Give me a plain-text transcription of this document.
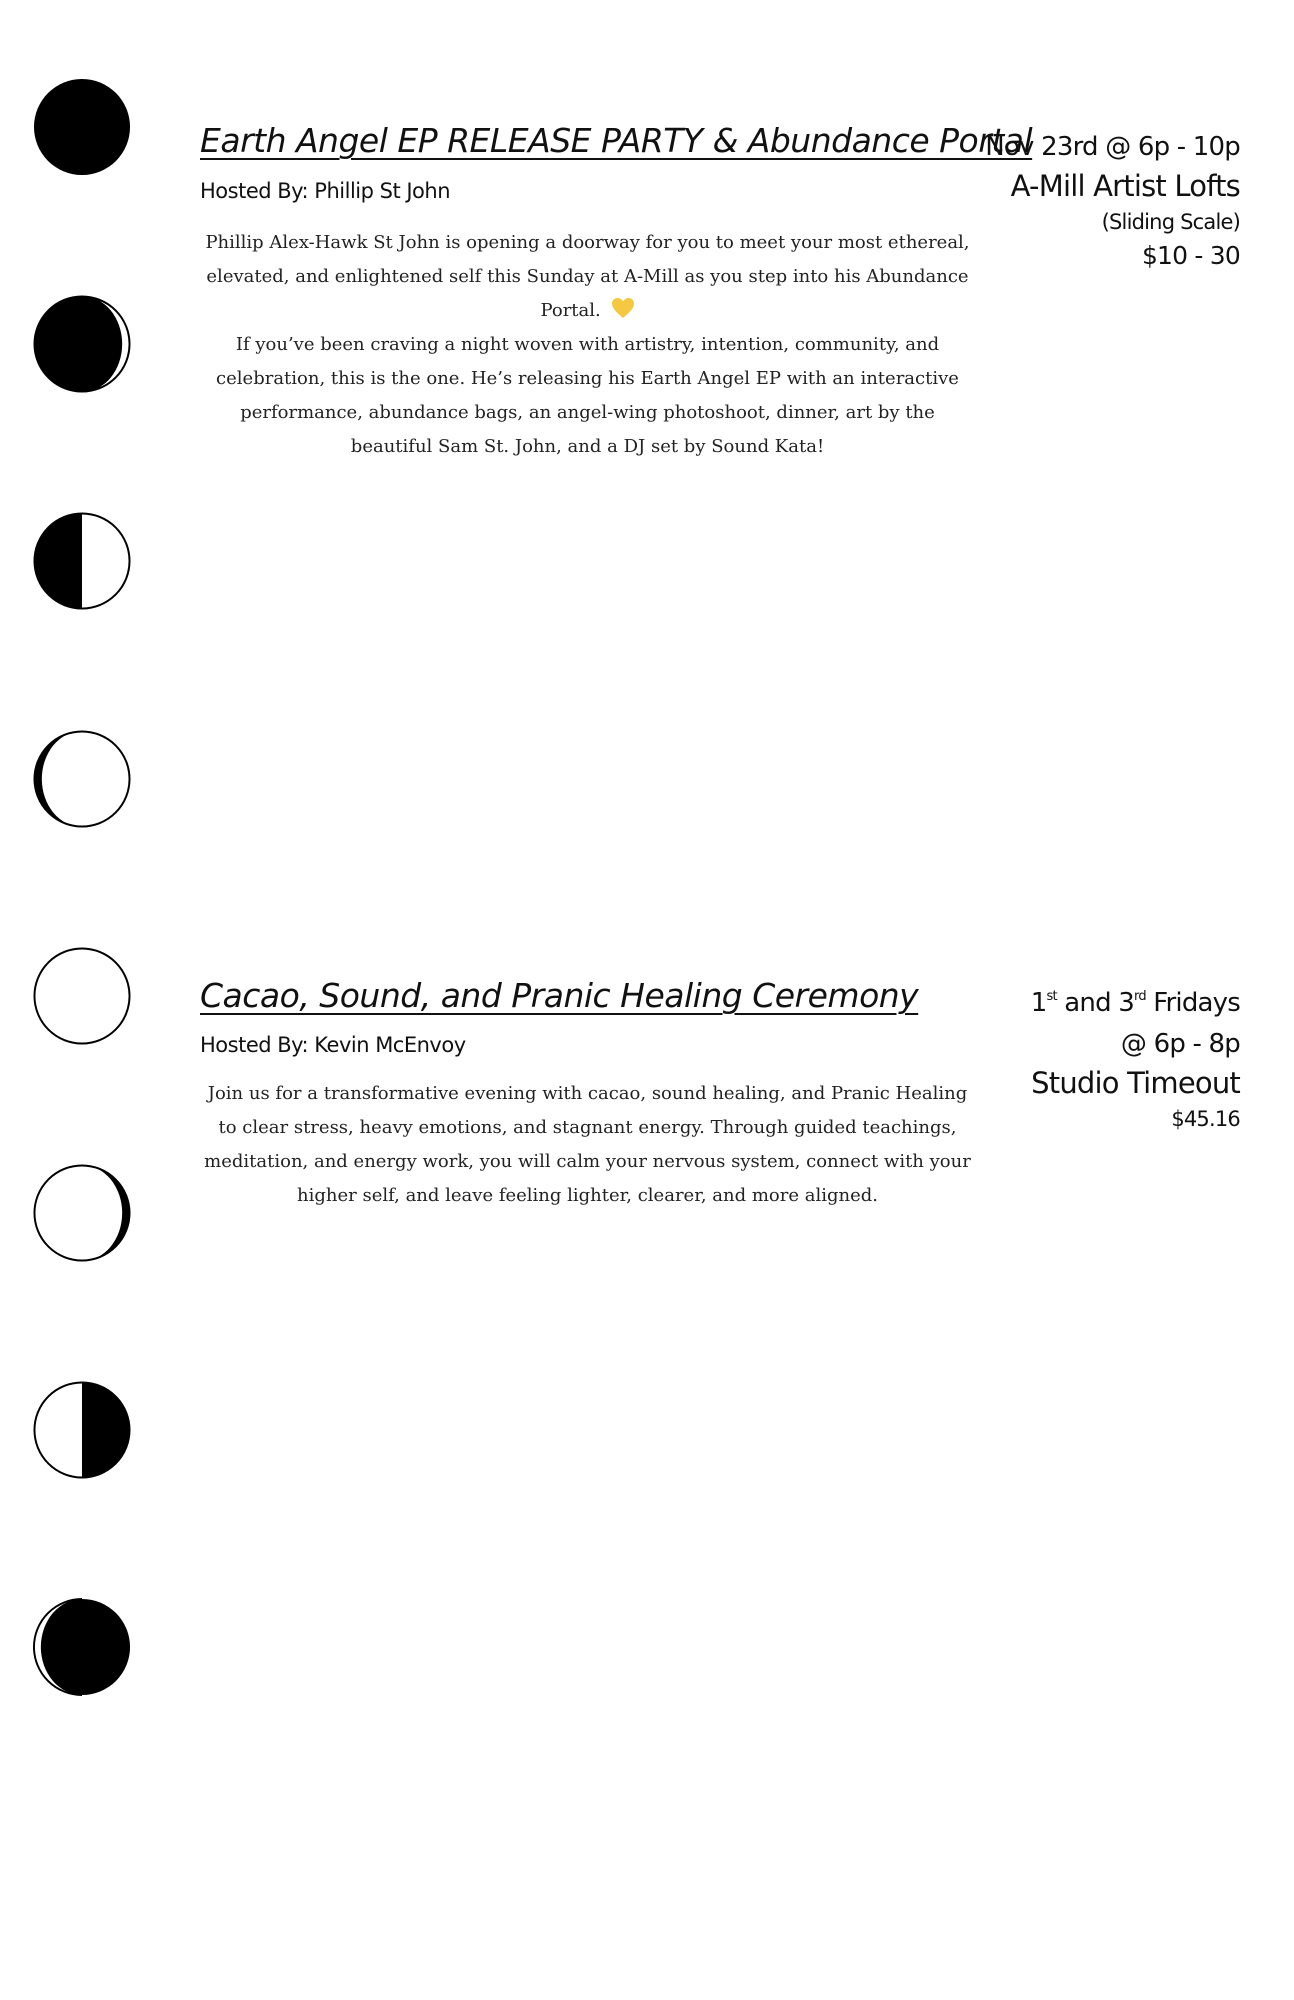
Earth Angel EP RELEASE PARTY & Abundance Portal
Hosted By: Phillip St John

Phillip Alex-Hawk St John is opening a doorway for you to meet your most ethereal, elevated, and enlightened self this Sunday at A-Mill as you step into his Abundance Portal.

If you’ve been craving a night woven with artistry, intention, community, and celebration, this is the one. He’s releasing his Earth Angel EP with an interactive performance, abundance bags, an angel-wing photoshoot, dinner, art by the beautiful Sam St. John, and a DJ set by Sound Kata!

Nov 23rd @ 6p - 10p
A-Mill Artist Lofts
(Sliding Scale)
$10 - 30
Cacao, Sound, and Pranic Healing Ceremony
Hosted By: Kevin McEnvoy

Join us for a transformative evening with cacao, sound healing, and Pranic Healing to clear stress, heavy emotions, and stagnant energy. Through guided teachings, meditation, and energy work, you will calm your nervous system, connect with your higher self, and leave feeling lighter, clearer, and more aligned.

1st and 3rd Fridays
@ 6p - 8p
Studio Timeout
$45.16
